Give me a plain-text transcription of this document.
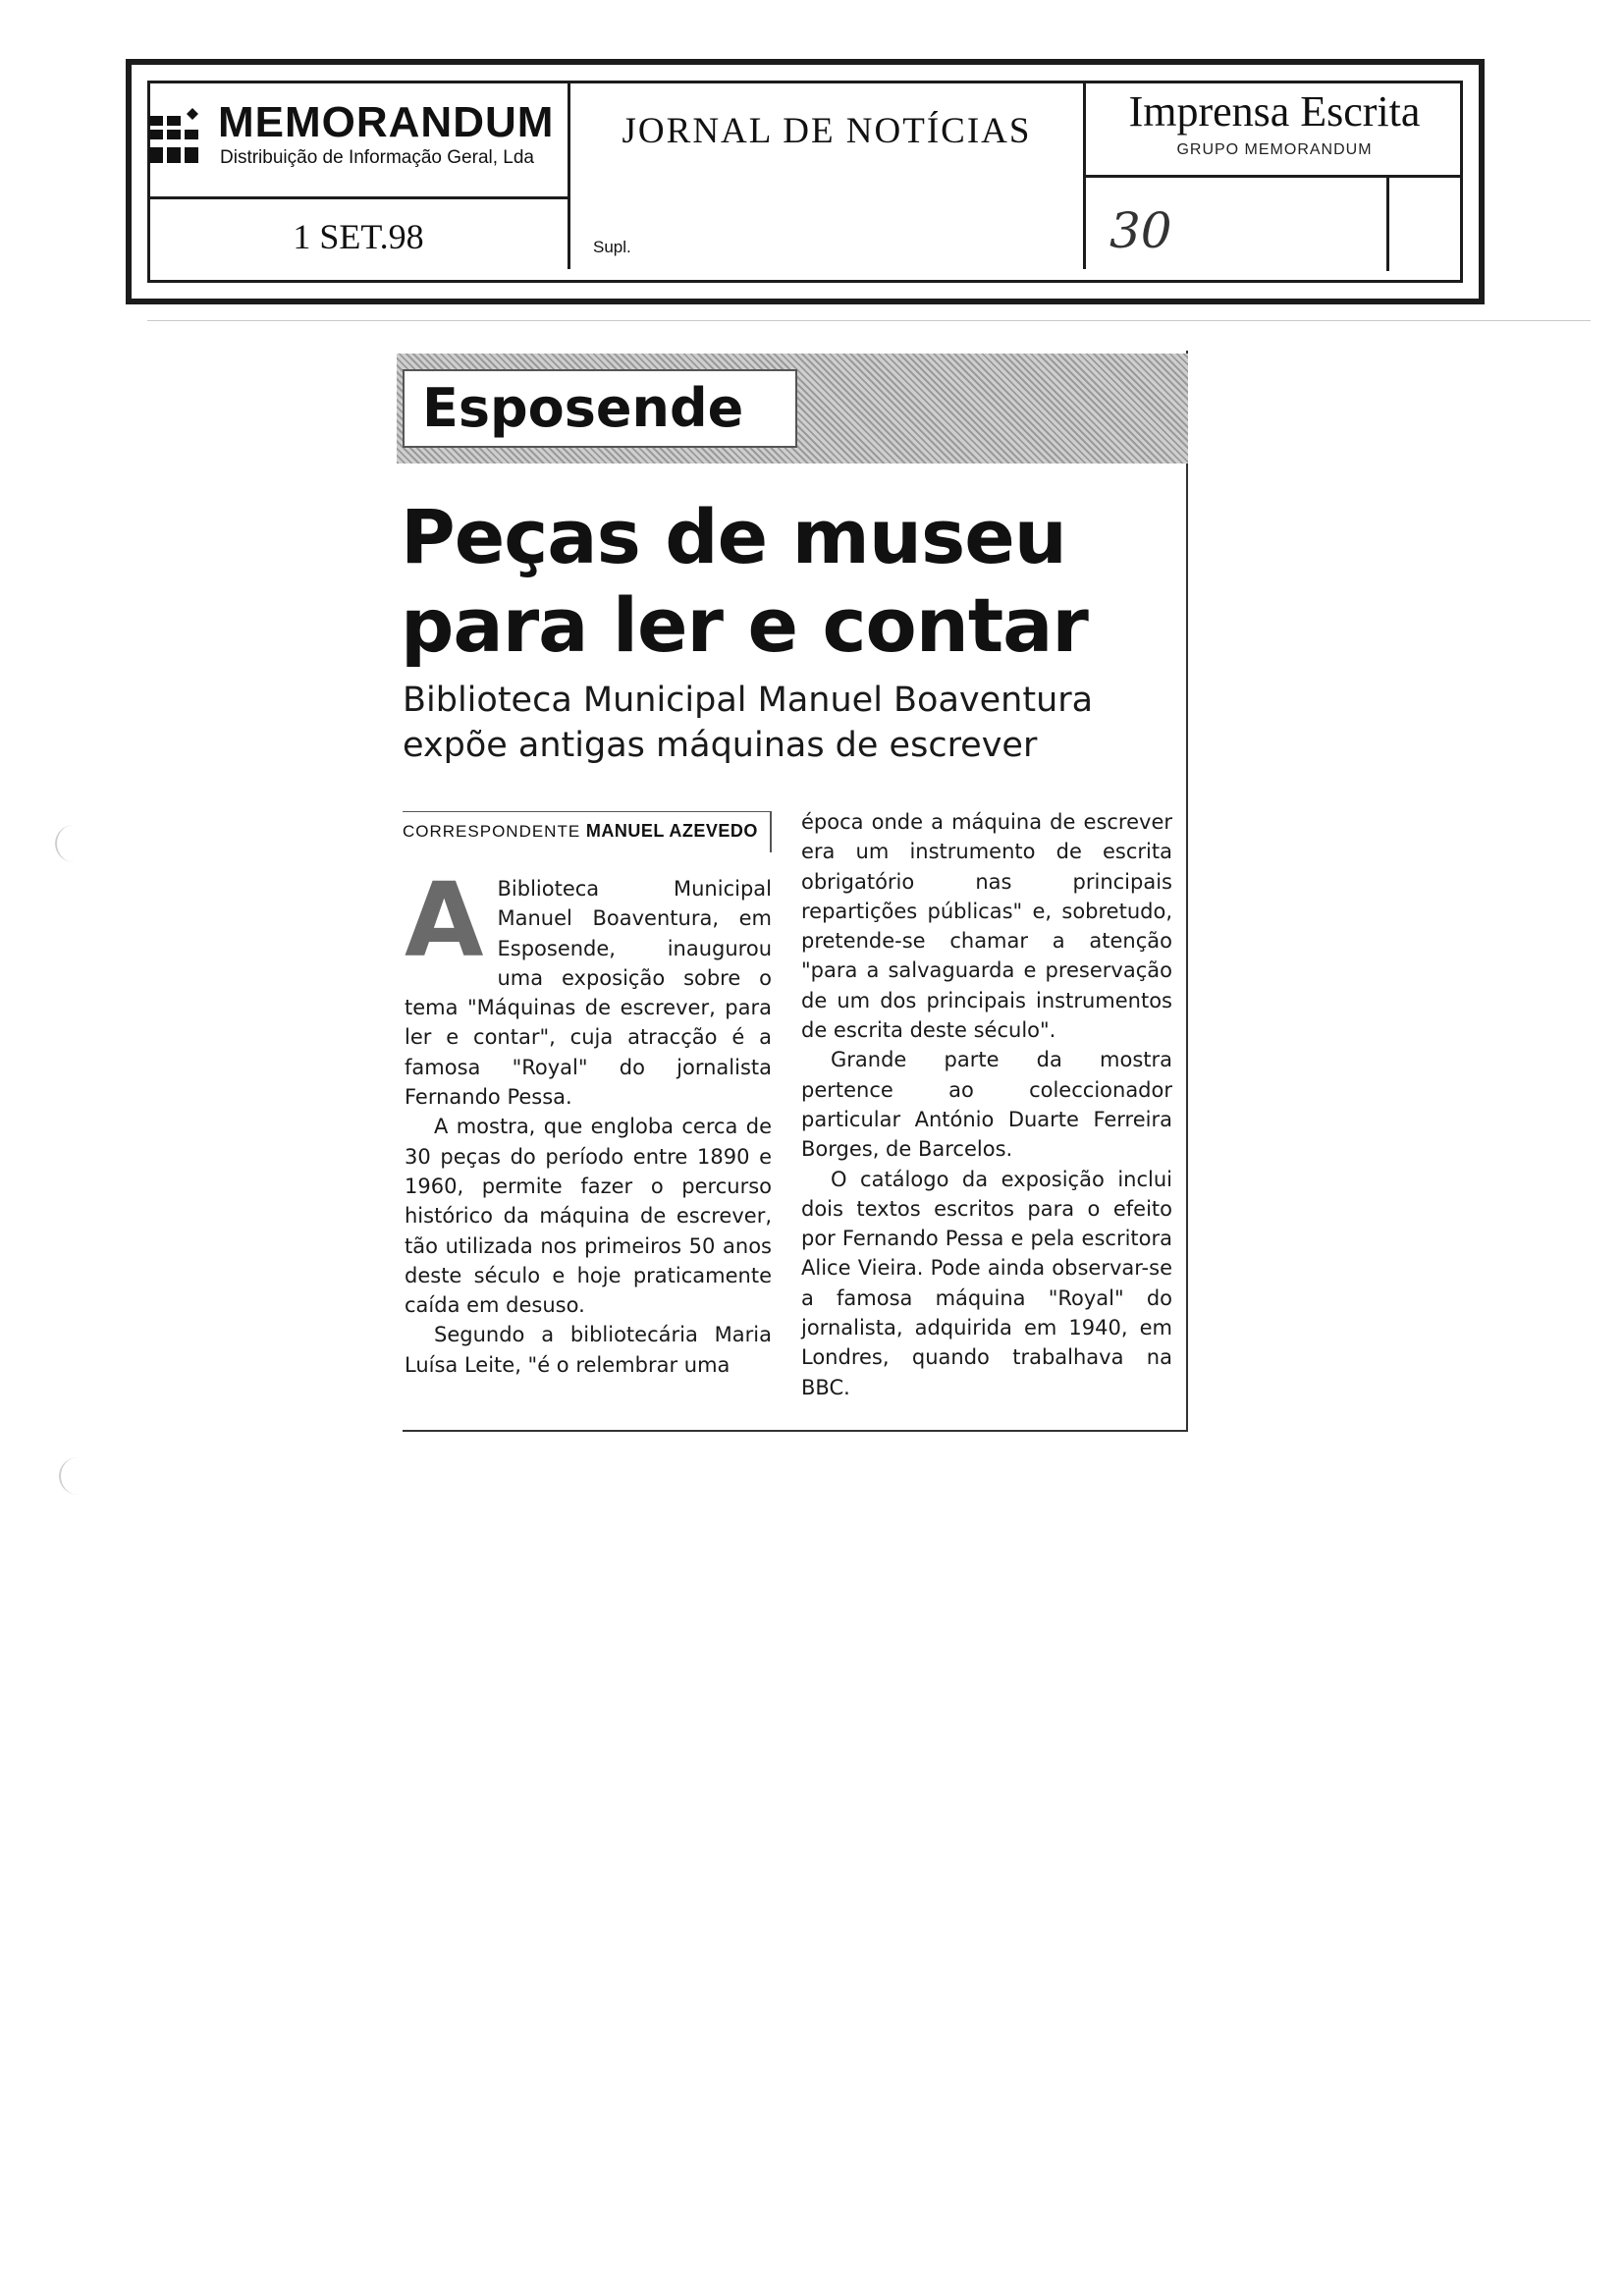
MEMORANDUM
Distribuição de Informação Geral, Lda
JORNAL DE NOTÍCIAS
Supl.
1 SET.98
Imprensa Escrita
GRUPO MEMORANDUM
30
Esposende
Peças de museu
para ler e contar
Biblioteca Municipal Manuel Boaventura
expõe antigas máquinas de escrever
CORRESPONDENTE MANUEL AZEVEDO

A Biblioteca Municipal Manuel Boaventura, em Esposende, inaugurou uma exposição sobre o tema "Máquinas de escrever, para ler e contar", cuja atracção é a famosa "Royal" do jornalista Fernando Pessa.

A mostra, que engloba cerca de 30 peças do período entre 1890 e 1960, permite fazer o percurso histórico da máquina de escrever, tão utilizada nos primeiros 50 anos deste século e hoje praticamente caída em desuso.

Segundo a bibliotecária Maria Luísa Leite, "é o relembrar uma

época onde a máquina de escrever era um instrumento de escrita obrigatório nas principais repartições públicas" e, sobretudo, pretende-se chamar a atenção "para a salvaguarda e preservação de um dos principais instrumentos de escrita deste século".

Grande parte da mostra pertence ao coleccionador particular António Duarte Ferreira Borges, de Barcelos.

O catálogo da exposição inclui dois textos escritos para o efeito por Fernando Pessa e pela escritora Alice Vieira. Pode ainda observar-se a famosa máquina "Royal" do jornalista, adquirida em 1940, em Londres, quando trabalhava na BBC.
